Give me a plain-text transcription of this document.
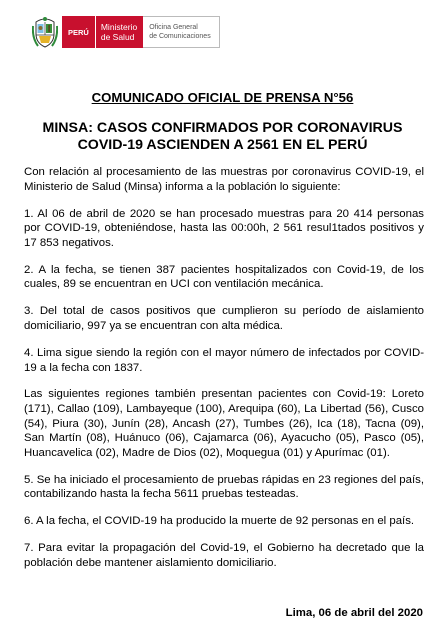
PERÚ	Ministerio
de Salud
Oficina General
de Comunicaciones
COMUNICADO OFICIAL DE PRENSA N°56
MINSA: CASOS CONFIRMADOS POR CORONAVIRUS
COVID-19 ASCIENDEN A 2561 EN EL PERÚ

Con relación al procesamiento de las muestras por coronavirus COVID-19, el Ministerio de Salud (Minsa) informa a la población lo siguiente:

1. Al 06 de abril de 2020 se han procesado muestras para 20 414 personas por COVID-19, obteniéndose, hasta las 00:00h, 2 561 resul1tados positivos y 17 853 negativos.

2. A la fecha, se tienen 387 pacientes hospitalizados con Covid-19, de los cuales, 89 se encuentran en UCI con ventilación mecánica.

3. Del total de casos positivos que cumplieron su período de aislamiento domiciliario, 997 ya se encuentran con alta médica.

4. Lima sigue siendo la región con el mayor número de infectados por COVID-19 a la fecha con 1837.

Las siguientes regiones también presentan pacientes con Covid-19: Loreto (171), Callao (109), Lambayeque (100), Arequipa (60), La Libertad (56), Cusco (54), Piura (30), Junín (28), Ancash (27), Tumbes (26), Ica (18), Tacna (09), San Martín (08), Huánuco (06), Cajamarca (06), Ayacucho (05), Pasco (05), Huancavelica (02), Madre de Dios (02), Moquegua (01) y Apurímac (01).

5. Se ha iniciado el procesamiento de pruebas rápidas en 23 regiones del país, contabilizando hasta la fecha 5611 pruebas testeadas.

6. A la fecha, el COVID-19 ha producido la muerte de 92 personas en el país.

7. Para evitar la propagación del Covid-19, el Gobierno ha decretado que la población debe mantener aislamiento domiciliario.

Lima, 06 de abril del 2020
